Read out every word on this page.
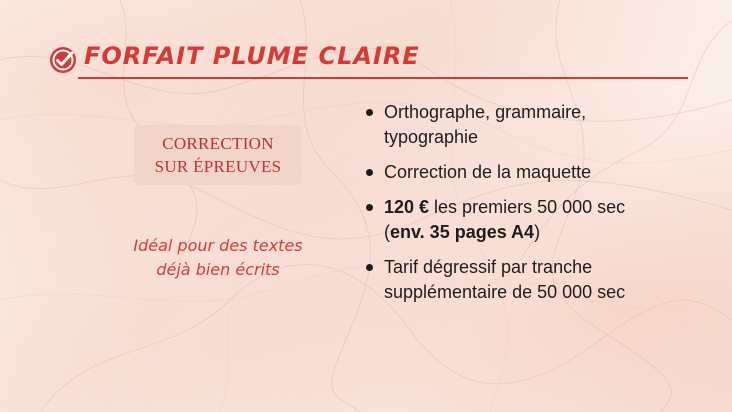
FORFAIT PLUME CLAIRE
CORRECTION
SUR ÉPREUVES
Idéal pour des textes
déjà bien écrits
Orthographe, grammaire,
typographie
Correction de la maquette
120 € les premiers 50 000 sec
(env. 35 pages A4)
Tarif dégressif par tranche
supplémentaire de 50 000 sec
